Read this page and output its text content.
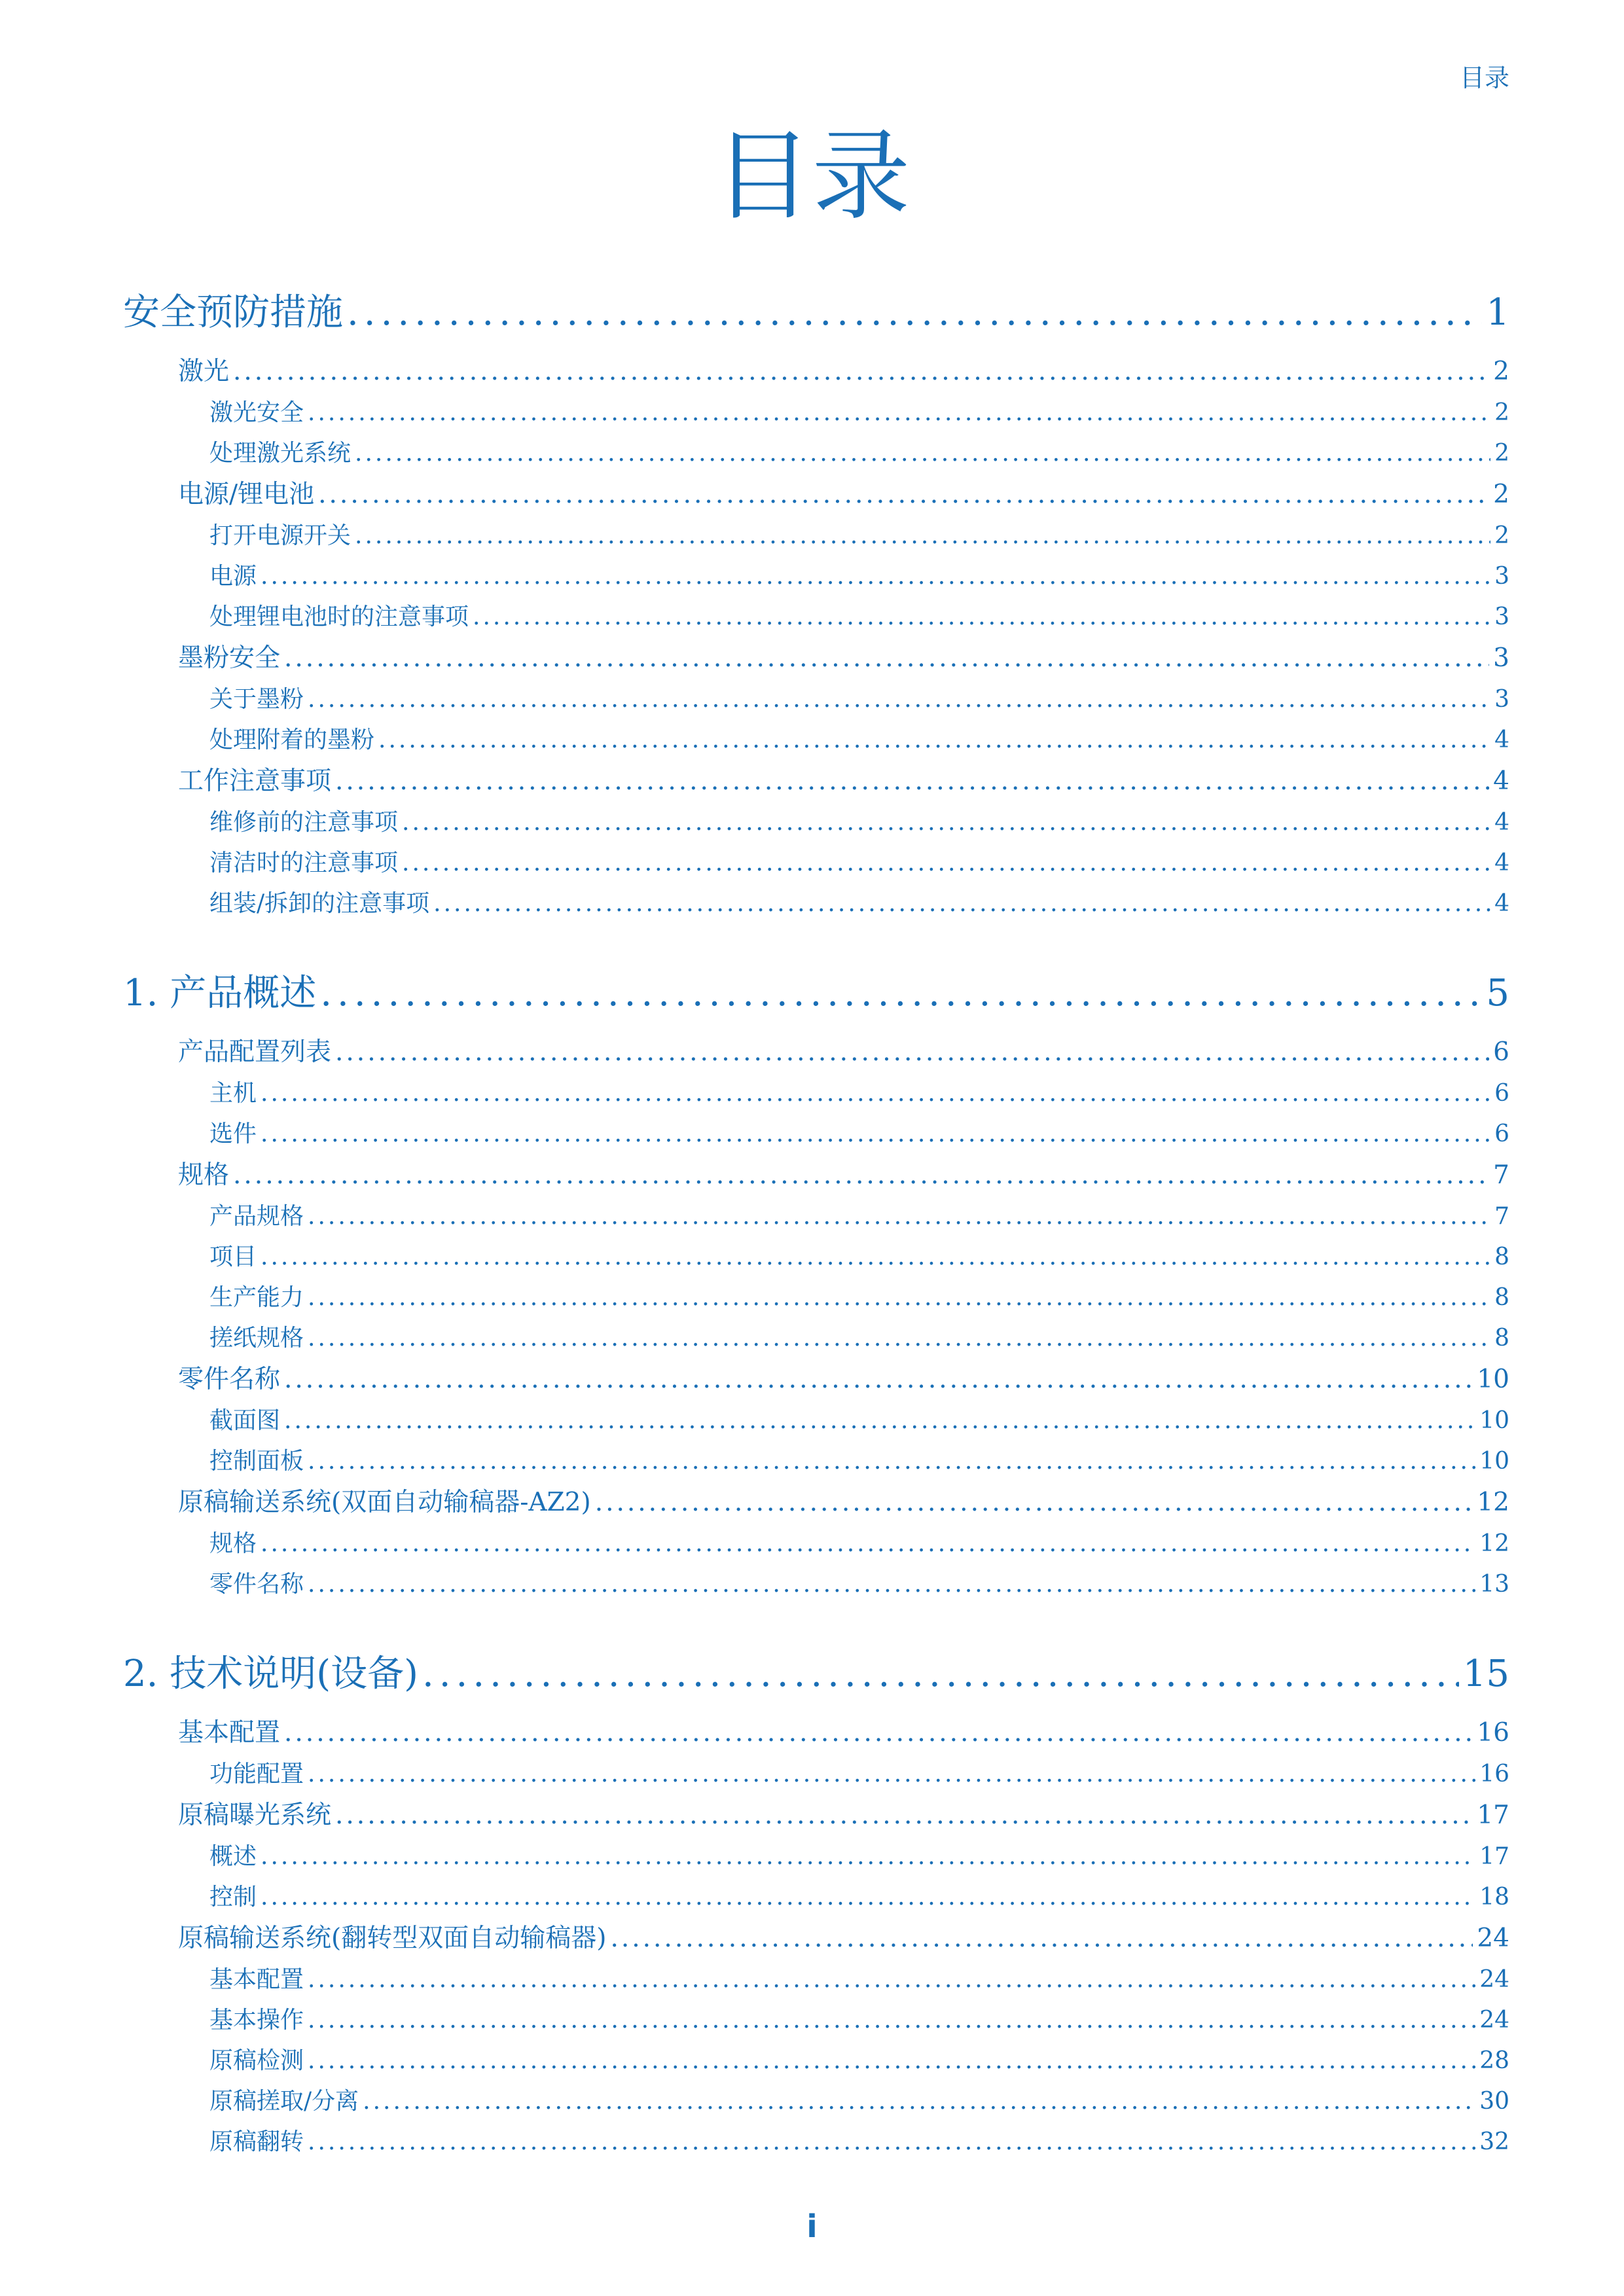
目录
目录
安全预防措施 .....	1
激光 .....	2
激光安全 .....	2
处理激光系统 .....	2
电源/锂电池 .....	2
打开电源开关 .....	2
电源 .....	3
处理锂电池时的注意事项 .....	3
墨粉安全 .....	3
关于墨粉 .....	3
处理附着的墨粉 .....	4
工作注意事项 .....	4
维修前的注意事项 .....	4
清洁时的注意事项 .....	4
组装/拆卸的注意事项 .....	4
1. 产品概述 .....	5
产品配置列表 .....	6
主机 .....	6
选件 .....	6
规格 .....	7
产品规格 .....	7
项目 .....	8
生产能力 .....	8
搓纸规格 .....	8
零件名称 .....	10
截面图 .....	10
控制面板 .....	10
原稿输送系统(双面自动输稿器-AZ2) .....	12
规格 .....	12
零件名称 .....	13
2. 技术说明(设备) .....	15
基本配置 .....	16
功能配置 .....	16
原稿曝光系统 .....	17
概述 .....	17
控制 .....	18
原稿输送系统(翻转型双面自动输稿器) .....	24
基本配置 .....	24
基本操作 .....	24
原稿检测 .....	28
原稿搓取/分离 .....	30
原稿翻转 .....	32
i
